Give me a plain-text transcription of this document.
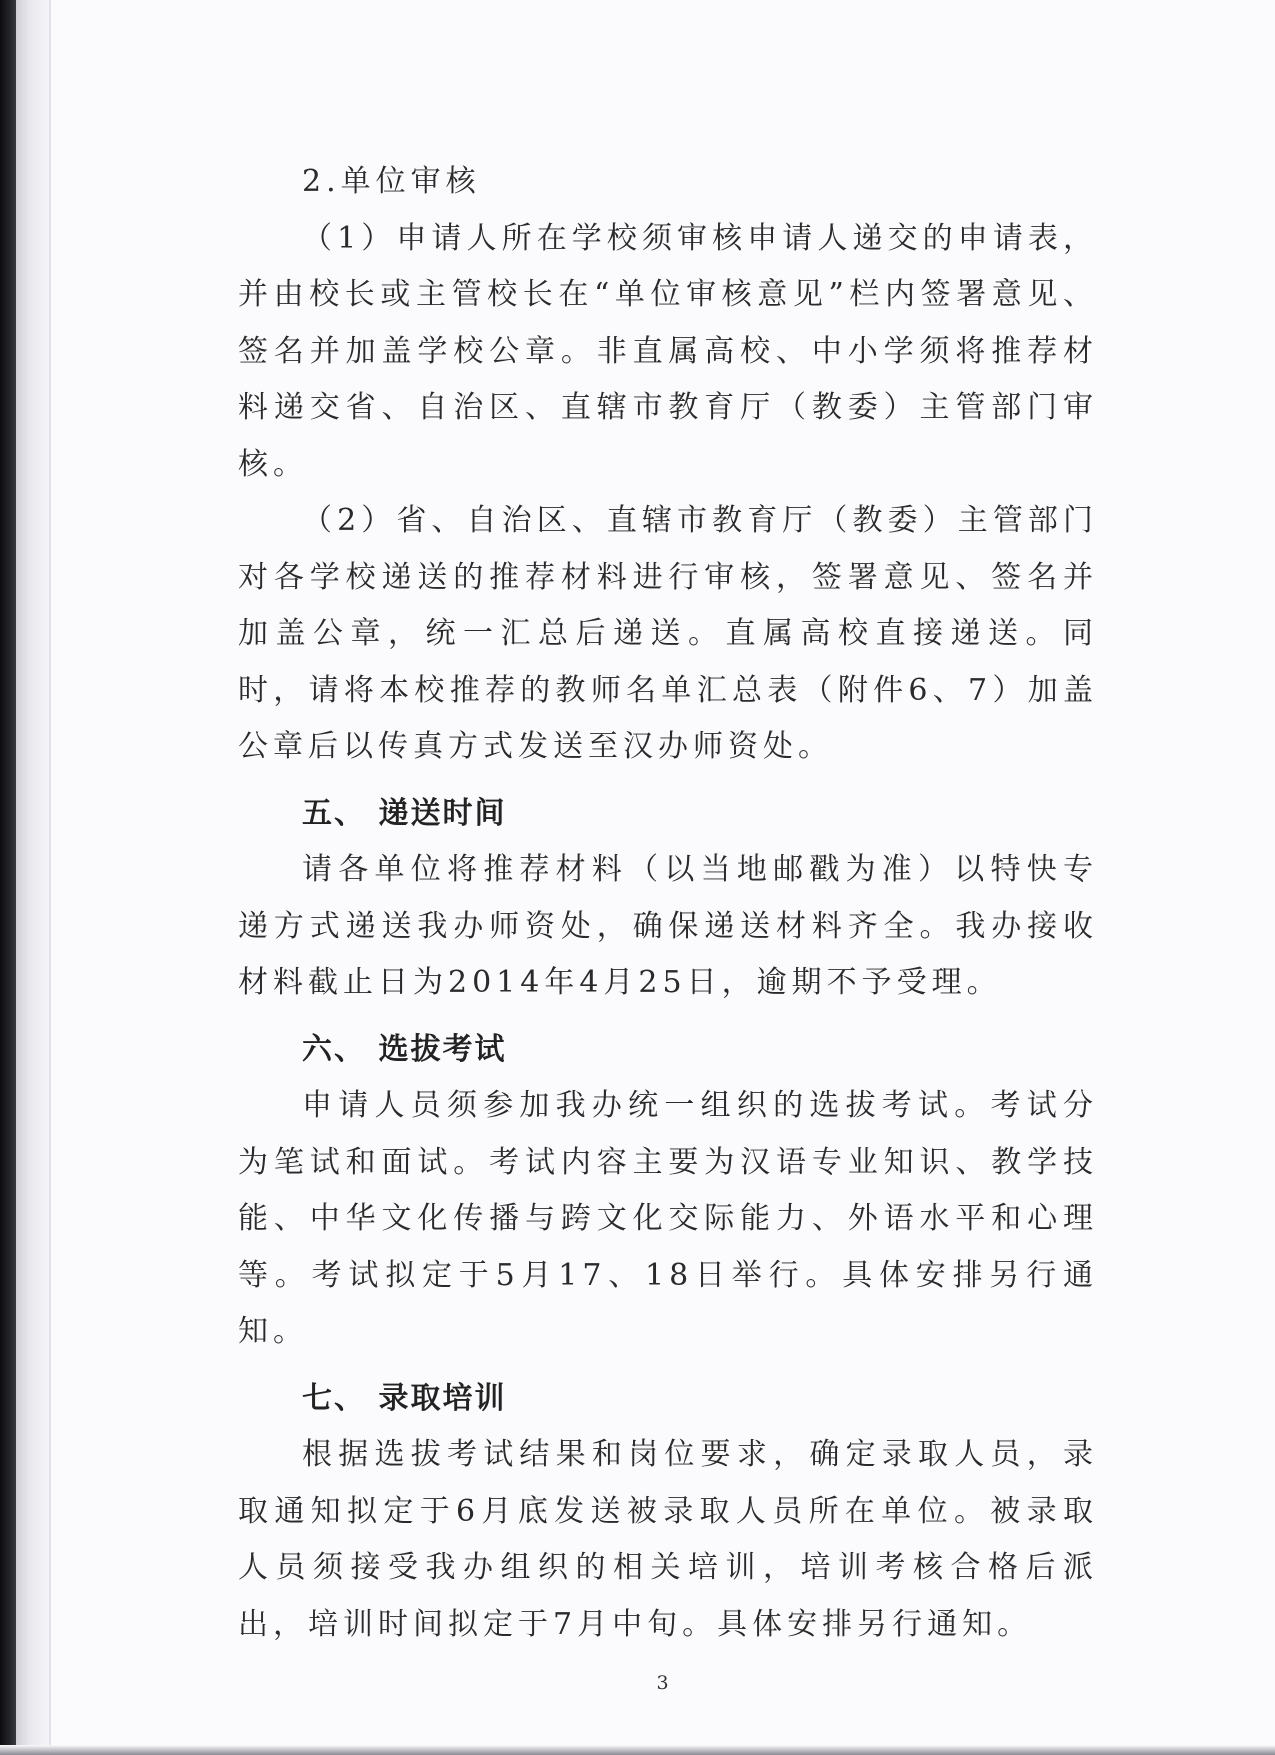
2.单位审核

（1）申请人所在学校须审核申请人递交的申请表，并由校长或主管校长在“单位审核意见”栏内签署意见、签名并加盖学校公章。非直属高校、中小学须将推荐材料递交省、自治区、直辖市教育厅（教委）主管部门审核。

（2）省、自治区、直辖市教育厅（教委）主管部门对各学校递送的推荐材料进行审核，签署意见、签名并加盖公章，统一汇总后递送。直属高校直接递送。同时，请将本校推荐的教师名单汇总表（附件6、7）加盖公章后以传真方式发送至汉办师资处。

五、 递送时间

请各单位将推荐材料（以当地邮戳为准）以特快专递方式递送我办师资处，确保递送材料齐全。我办接收材料截止日为2014年4月25日，逾期不予受理。

六、 选拔考试

申请人员须参加我办统一组织的选拔考试。考试分为笔试和面试。考试内容主要为汉语专业知识、教学技能、中华文化传播与跨文化交际能力、外语水平和心理等。考试拟定于5月17、18日举行。具体安排另行通知。

七、 录取培训

根据选拔考试结果和岗位要求，确定录取人员，录取通知拟定于6月底发送被录取人员所在单位。被录取人员须接受我办组织的相关培训，培训考核合格后派出，培训时间拟定于7月中旬。具体安排另行通知。

3
